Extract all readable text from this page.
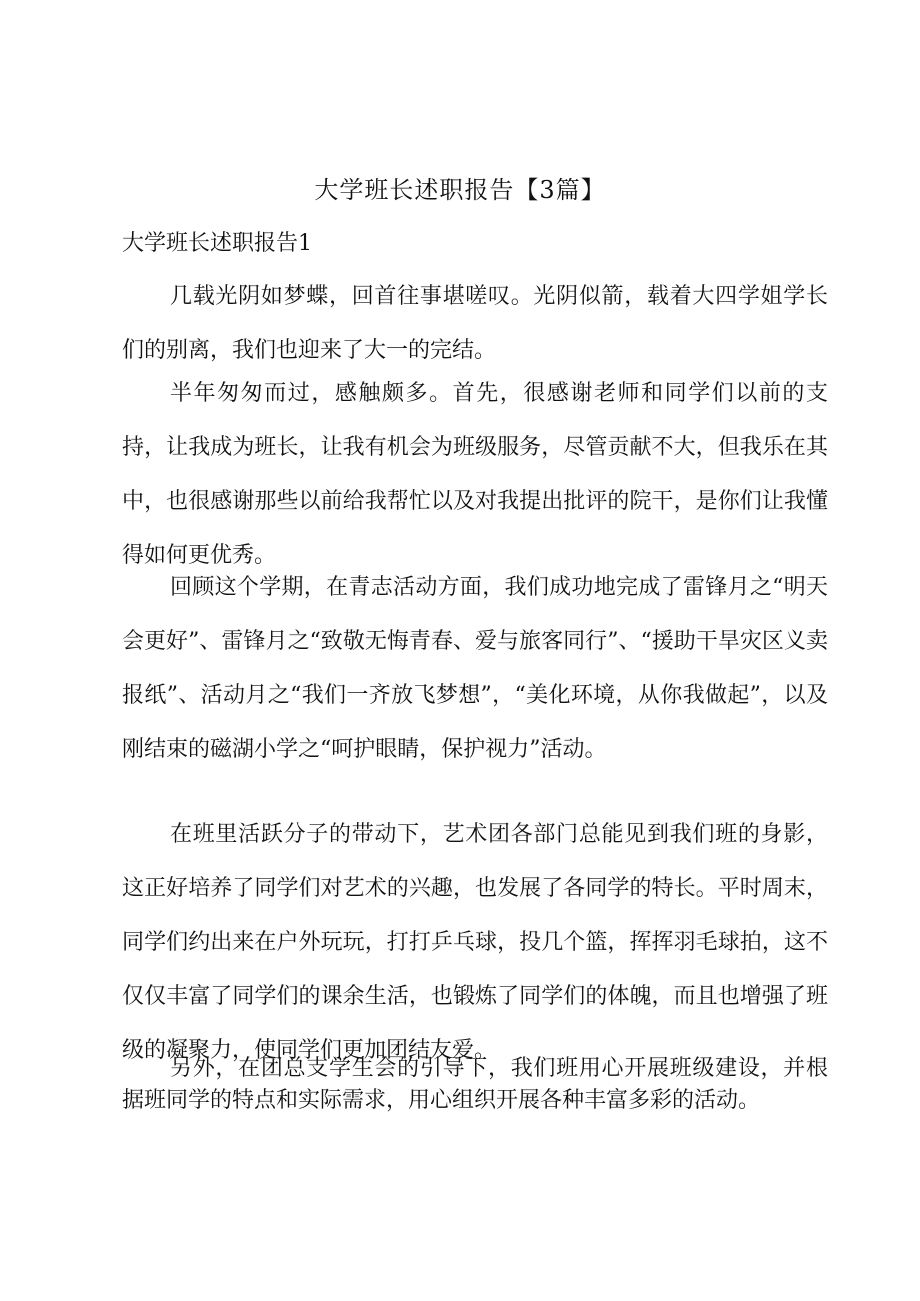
大学班长述职报告【3篇】
大学班长述职报告1

几载光阴如梦蝶，回首往事堪嗟叹。光阴似箭，载着大四学姐学长们的别离，我们也迎来了大一的完结。

半年匆匆而过，感触颇多。首先，很感谢老师和同学们以前的支持，让我成为班长，让我有机会为班级服务，尽管贡献不大，但我乐在其中，也很感谢那些以前给我帮忙以及对我提出批评的院干，是你们让我懂得如何更优秀。

回顾这个学期，在青志活动方面，我们成功地完成了雷锋月之“明天会更好”、雷锋月之“致敬无悔青春、爱与旅客同行”、“援助干旱灾区义卖报纸”、活动月之“我们一齐放飞梦想”，“美化环境，从你我做起”，以及刚结束的磁湖小学之“呵护眼睛，保护视力”活动。

在班里活跃分子的带动下，艺术团各部门总能见到我们班的身影，这正好培养了同学们对艺术的兴趣，也发展了各同学的特长。平时周末，同学们约出来在户外玩玩，打打乒乓球，投几个篮，挥挥羽毛球拍，这不仅仅丰富了同学们的课余生活，也锻炼了同学们的体魄，而且也增强了班级的凝聚力，使同学们更加团结友爱。

另外，在团总支学生会的引导下，我们班用心开展班级建设，并根据班同学的特点和实际需求，用心组织开展各种丰富多彩的活动。
